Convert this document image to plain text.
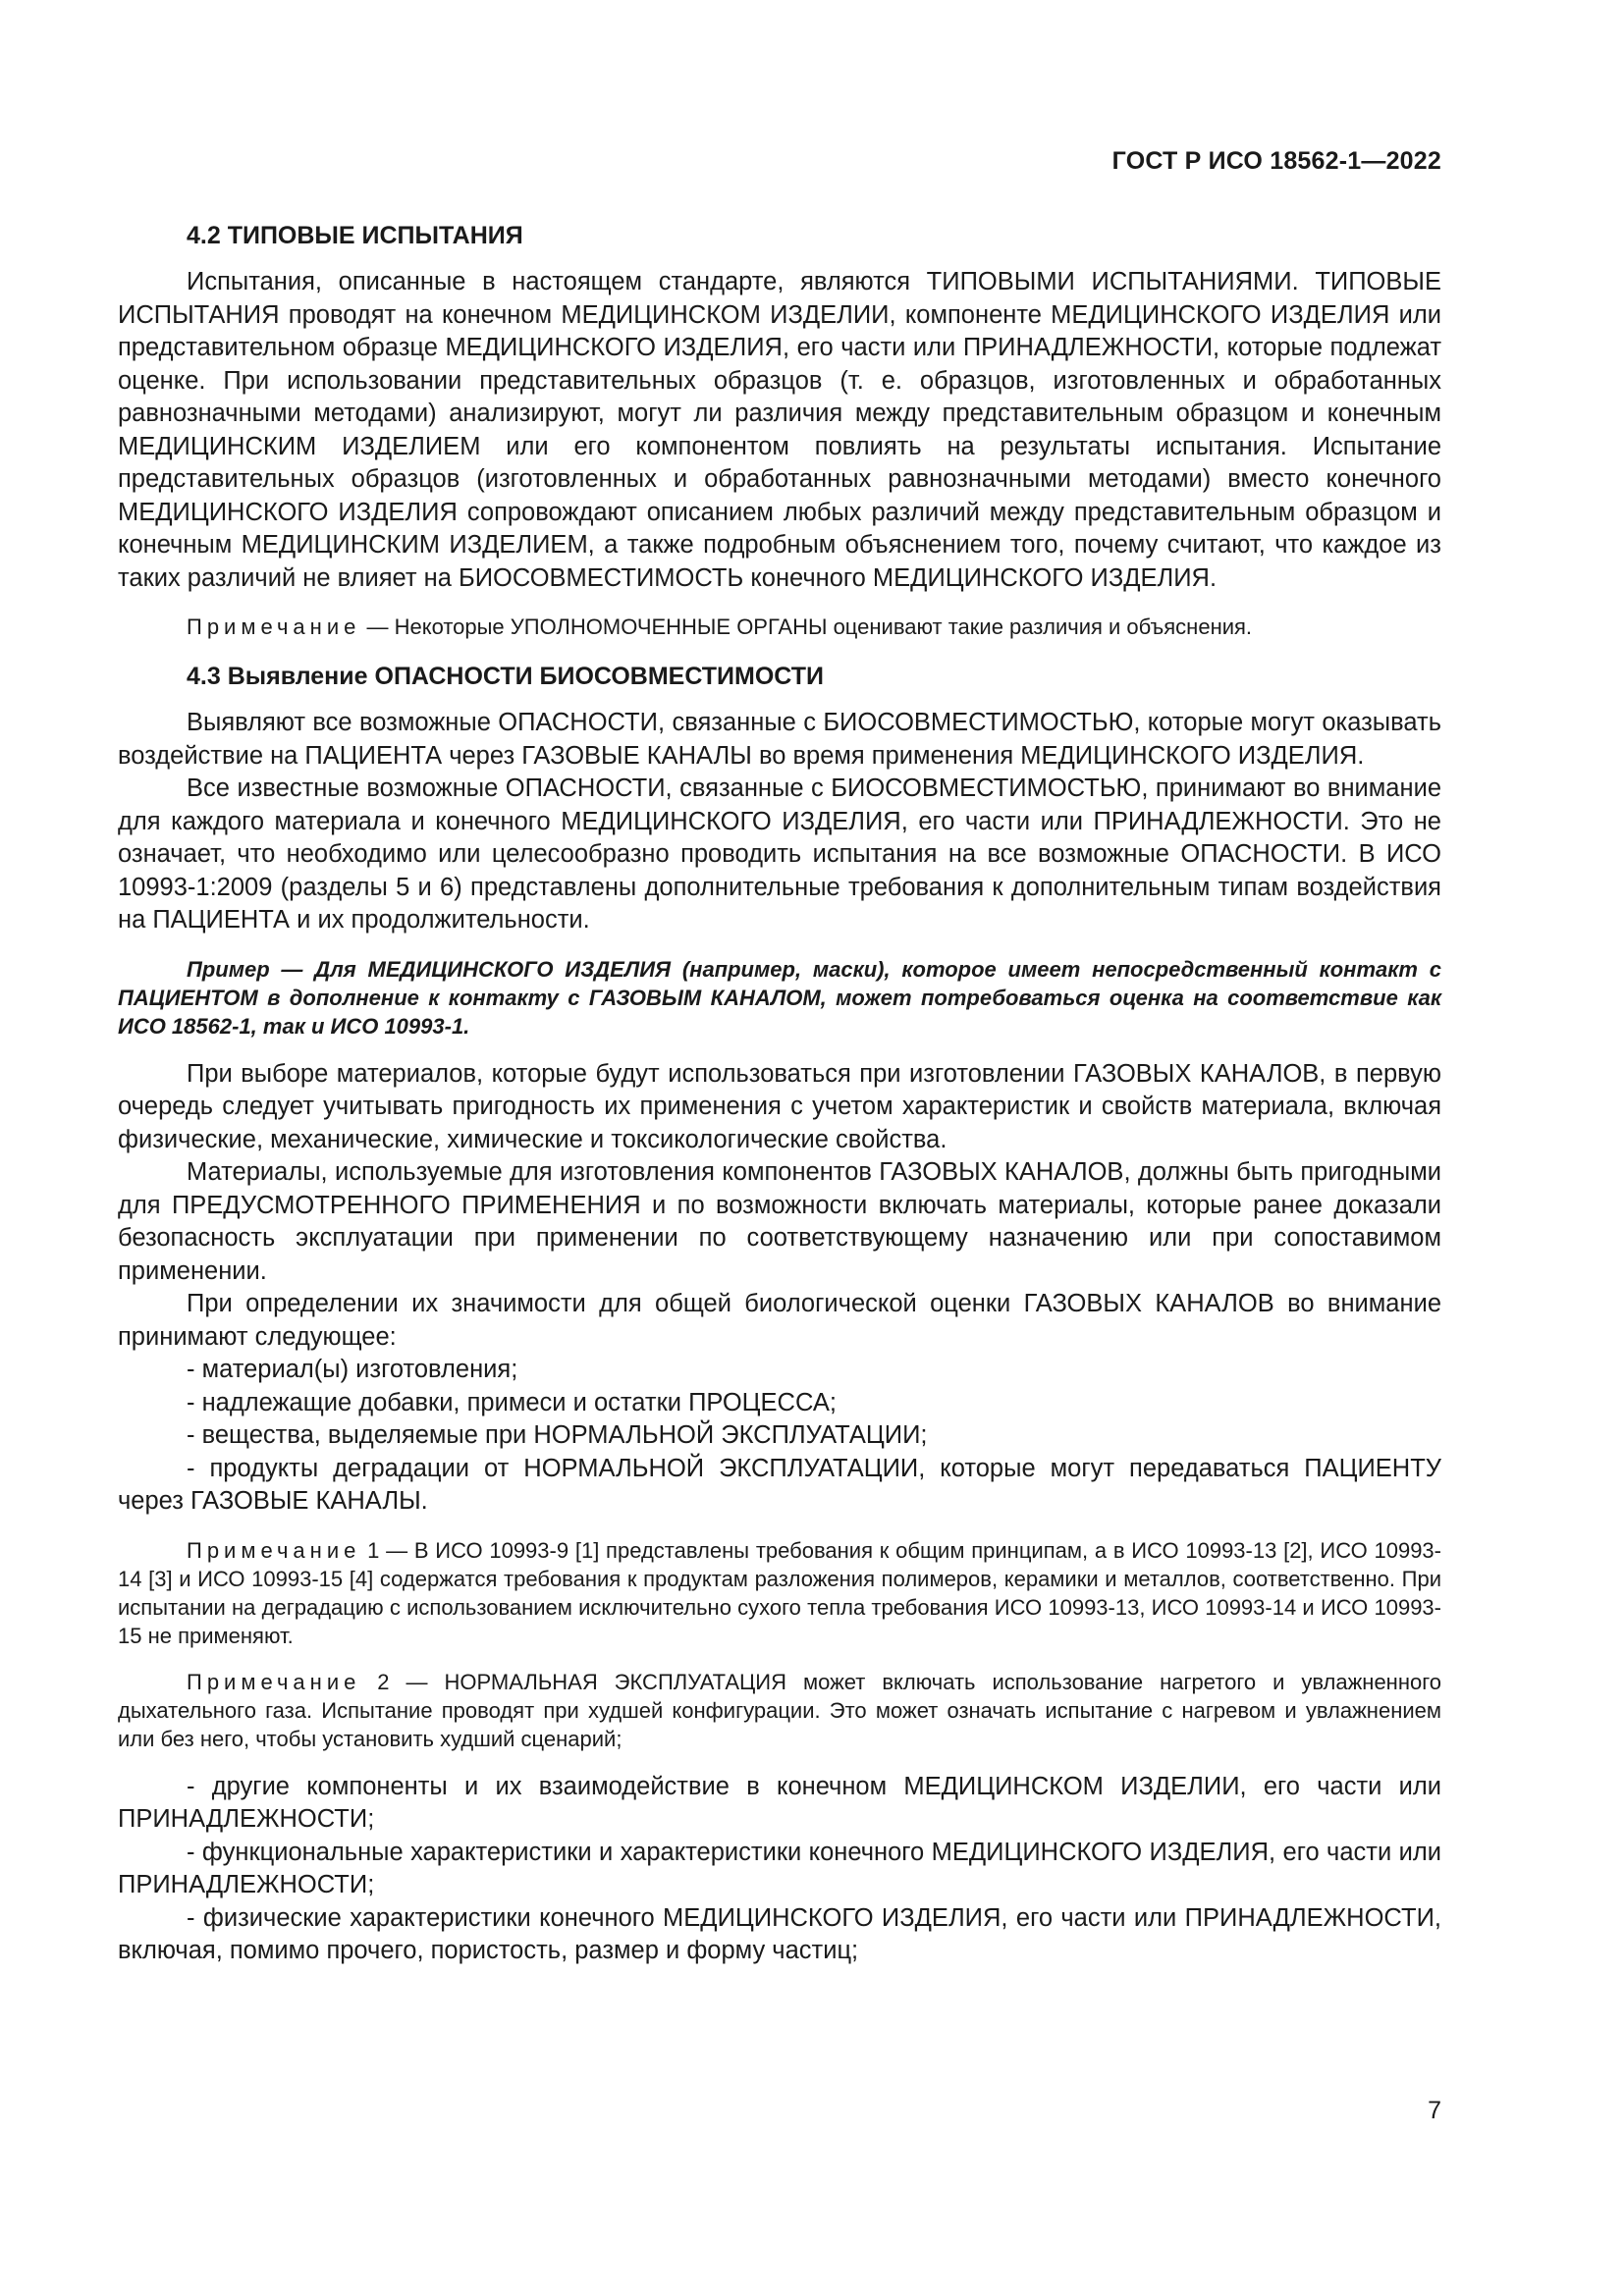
ГОСТ Р ИСО 18562-1—2022
4.2 ТИПОВЫЕ ИСПЫТАНИЯ

Испытания, описанные в настоящем стандарте, являются ТИПОВЫМИ ИСПЫТАНИЯМИ. ТИПОВЫЕ ИСПЫТАНИЯ проводят на конечном МЕДИЦИНСКОМ ИЗДЕЛИИ, компоненте МЕДИЦИНСКОГО ИЗДЕЛИЯ или представительном образце МЕДИЦИНСКОГО ИЗДЕЛИЯ, его части или ПРИНАДЛЕЖНОСТИ, которые подлежат оценке. При использовании представительных образцов (т. е. образцов, изготовленных и обработанных равнозначными методами) анализируют, могут ли различия между представительным образцом и конечным МЕДИЦИНСКИМ ИЗДЕЛИЕМ или его компонентом повлиять на результаты испытания. Испытание представительных образцов (изготовленных и обработанных равнозначными методами) вместо конечного МЕДИЦИНСКОГО ИЗДЕЛИЯ сопровождают описанием любых различий между представительным образцом и конечным МЕДИЦИНСКИМ ИЗДЕЛИЕМ, а также подробным объяснением того, почему считают, что каждое из таких различий не влияет на БИОСОВМЕСТИМОСТЬ конечного МЕДИЦИНСКОГО ИЗДЕЛИЯ.

Примечание — Некоторые УПОЛНОМОЧЕННЫЕ ОРГАНЫ оценивают такие различия и объяснения.

4.3 Выявление ОПАСНОСТИ БИОСОВМЕСТИМОСТИ

Выявляют все возможные ОПАСНОСТИ, связанные с БИОСОВМЕСТИМОСТЬЮ, которые могут оказывать воздействие на ПАЦИЕНТА через ГАЗОВЫЕ КАНАЛЫ во время применения МЕДИЦИНСКОГО ИЗДЕЛИЯ.

Все известные возможные ОПАСНОСТИ, связанные с БИОСОВМЕСТИМОСТЬЮ, принимают во внимание для каждого материала и конечного МЕДИЦИНСКОГО ИЗДЕЛИЯ, его части или ПРИНАДЛЕЖНОСТИ. Это не означает, что необходимо или целесообразно проводить испытания на все возможные ОПАСНОСТИ. В ИСО 10993-1:2009 (разделы 5 и 6) представлены дополнительные требования к дополнительным типам воздействия на ПАЦИЕНТА и их продолжительности.

Пример — Для МЕДИЦИНСКОГО ИЗДЕЛИЯ (например, маски), которое имеет непосредственный контакт с ПАЦИЕНТОМ в дополнение к контакту с ГАЗОВЫМ КАНАЛОМ, может потребоваться оценка на соответствие как ИСО 18562-1, так и ИСО 10993-1.

При выборе материалов, которые будут использоваться при изготовлении ГАЗОВЫХ КАНАЛОВ, в первую очередь следует учитывать пригодность их применения с учетом характеристик и свойств материала, включая физические, механические, химические и токсикологические свойства.

Материалы, используемые для изготовления компонентов ГАЗОВЫХ КАНАЛОВ, должны быть пригодными для ПРЕДУСМОТРЕННОГО ПРИМЕНЕНИЯ и по возможности включать материалы, которые ранее доказали безопасность эксплуатации при применении по соответствующему назначению или при сопоставимом применении.

При определении их значимости для общей биологической оценки ГАЗОВЫХ КАНАЛОВ во внимание принимают следующее:

- материал(ы) изготовления;

- надлежащие добавки, примеси и остатки ПРОЦЕССА;

- вещества, выделяемые при НОРМАЛЬНОЙ ЭКСПЛУАТАЦИИ;

- продукты деградации от НОРМАЛЬНОЙ ЭКСПЛУАТАЦИИ, которые могут передаваться ПАЦИЕНТУ через ГАЗОВЫЕ КАНАЛЫ.

Примечание 1 — В ИСО 10993-9 [1] представлены требования к общим принципам, а в ИСО 10993-13 [2], ИСО 10993-14 [3] и ИСО 10993-15 [4] содержатся требования к продуктам разложения полимеров, керамики и металлов, соответственно. При испытании на деградацию с использованием исключительно сухого тепла требования ИСО 10993-13, ИСО 10993-14 и ИСО 10993-15 не применяют.

Примечание 2 — НОРМАЛЬНАЯ ЭКСПЛУАТАЦИЯ может включать использование нагретого и увлажненного дыхательного газа. Испытание проводят при худшей конфигурации. Это может означать испытание с нагревом и увлажнением или без него, чтобы установить худший сценарий;

- другие компоненты и их взаимодействие в конечном МЕДИЦИНСКОМ ИЗДЕЛИИ, его части или ПРИНАДЛЕЖНОСТИ;

- функциональные характеристики и характеристики конечного МЕДИЦИНСКОГО ИЗДЕЛИЯ, его части или ПРИНАДЛЕЖНОСТИ;

- физические характеристики конечного МЕДИЦИНСКОГО ИЗДЕЛИЯ, его части или ПРИНАДЛЕЖНОСТИ, включая, помимо прочего, пористость, размер и форму частиц;

7
